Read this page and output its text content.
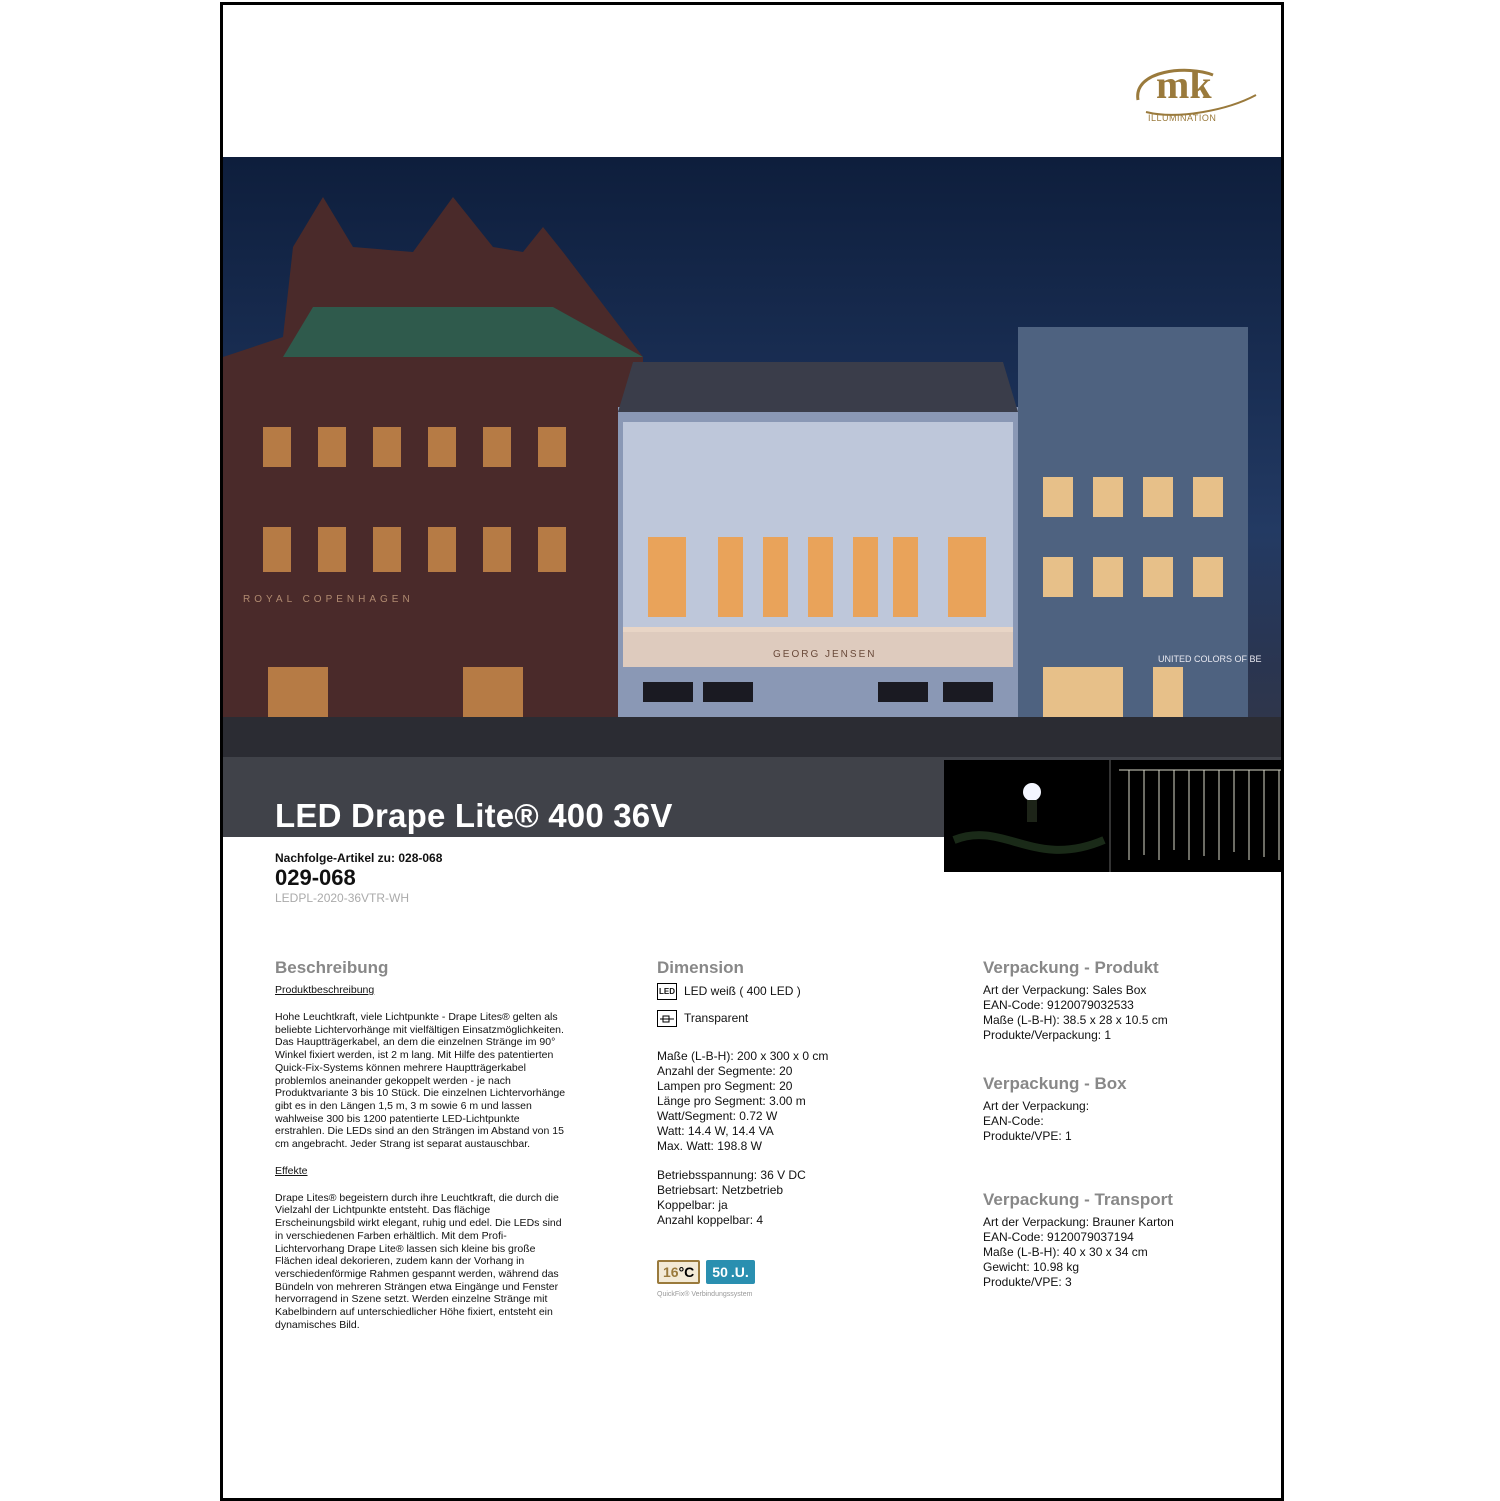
mk
ILLUMINATION
ROYAL COPENHAGEN
GEORG JENSEN	UNITED COLORS OF BE
LED Drape Lite® 400 36V
Nachfolge-Artikel zu: 028-068
029-068
LEDPL-2020-36VTR-WH
Beschreibung
Produktbeschreibung
Hohe Leuchtkraft, viele Lichtpunkte - Drape Lites® gelten als beliebte Lichtervorhänge mit vielfältigen Einsatzmöglichkeiten. Das Hauptträgerkabel, an dem die einzelnen Stränge im 90° Winkel fixiert werden, ist 2 m lang. Mit Hilfe des patentierten Quick-Fix-Systems können mehrere Hauptträgerkabel problemlos aneinander gekoppelt werden - je nach Produktvariante 3 bis 10 Stück. Die einzelnen Lichtervorhänge gibt es in den Längen 1,5 m, 3 m sowie 6 m und lassen wahlweise 300 bis 1200 patentierte LED-Lichtpunkte erstrahlen. Die LEDs sind an den Strängen im Abstand von 15 cm angebracht. Jeder Strang ist separat austauschbar.
Effekte
Drape Lites® begeistern durch ihre Leuchtkraft, die durch die Vielzahl der Lichtpunkte entsteht. Das flächige Erscheinungsbild wirkt elegant, ruhig und edel. Die LEDs sind in verschiedenen Farben erhältlich. Mit dem Profi-Lichtervorhang Drape Lite® lassen sich kleine bis große Flächen ideal dekorieren, zudem kann der Vorhang in verschiedenförmige Rahmen gespannt werden, während das Bündeln von mehreren Strängen etwa Eingänge und Fenster hervorragend in Szene setzt. Werden einzelne Stränge mit Kabelbindern auf unterschiedlicher Höhe fixiert, entsteht ein dynamisches Bild.
Dimension
LED LED weiß ( 400 LED )
Transparent
Maße (L-B-H): 200 x 300 x 0 cm
Anzahl der Segmente: 20
Lampen pro Segment: 20
Länge pro Segment: 3.00 m
Watt/Segment: 0.72 W
Watt: 14.4 W, 14.4 VA
Max. Watt: 198.8 W
Betriebsspannung: 36 V DC
Betriebsart: Netzbetrieb
Koppelbar: ja
Anzahl koppelbar: 4
16 °C 50 .U.
QuickFix® Verbindungssystem
Verpackung - Produkt
Art der Verpackung: Sales Box
EAN-Code: 9120079032533
Maße (L-B-H): 38.5 x 28 x 10.5 cm
Produkte/Verpackung: 1
Verpackung - Box
Art der Verpackung:
EAN-Code:
Produkte/VPE: 1
Verpackung - Transport
Art der Verpackung: Brauner Karton
EAN-Code: 9120079037194
Maße (L-B-H): 40 x 30 x 34 cm
Gewicht: 10.98 kg
Produkte/VPE: 3
